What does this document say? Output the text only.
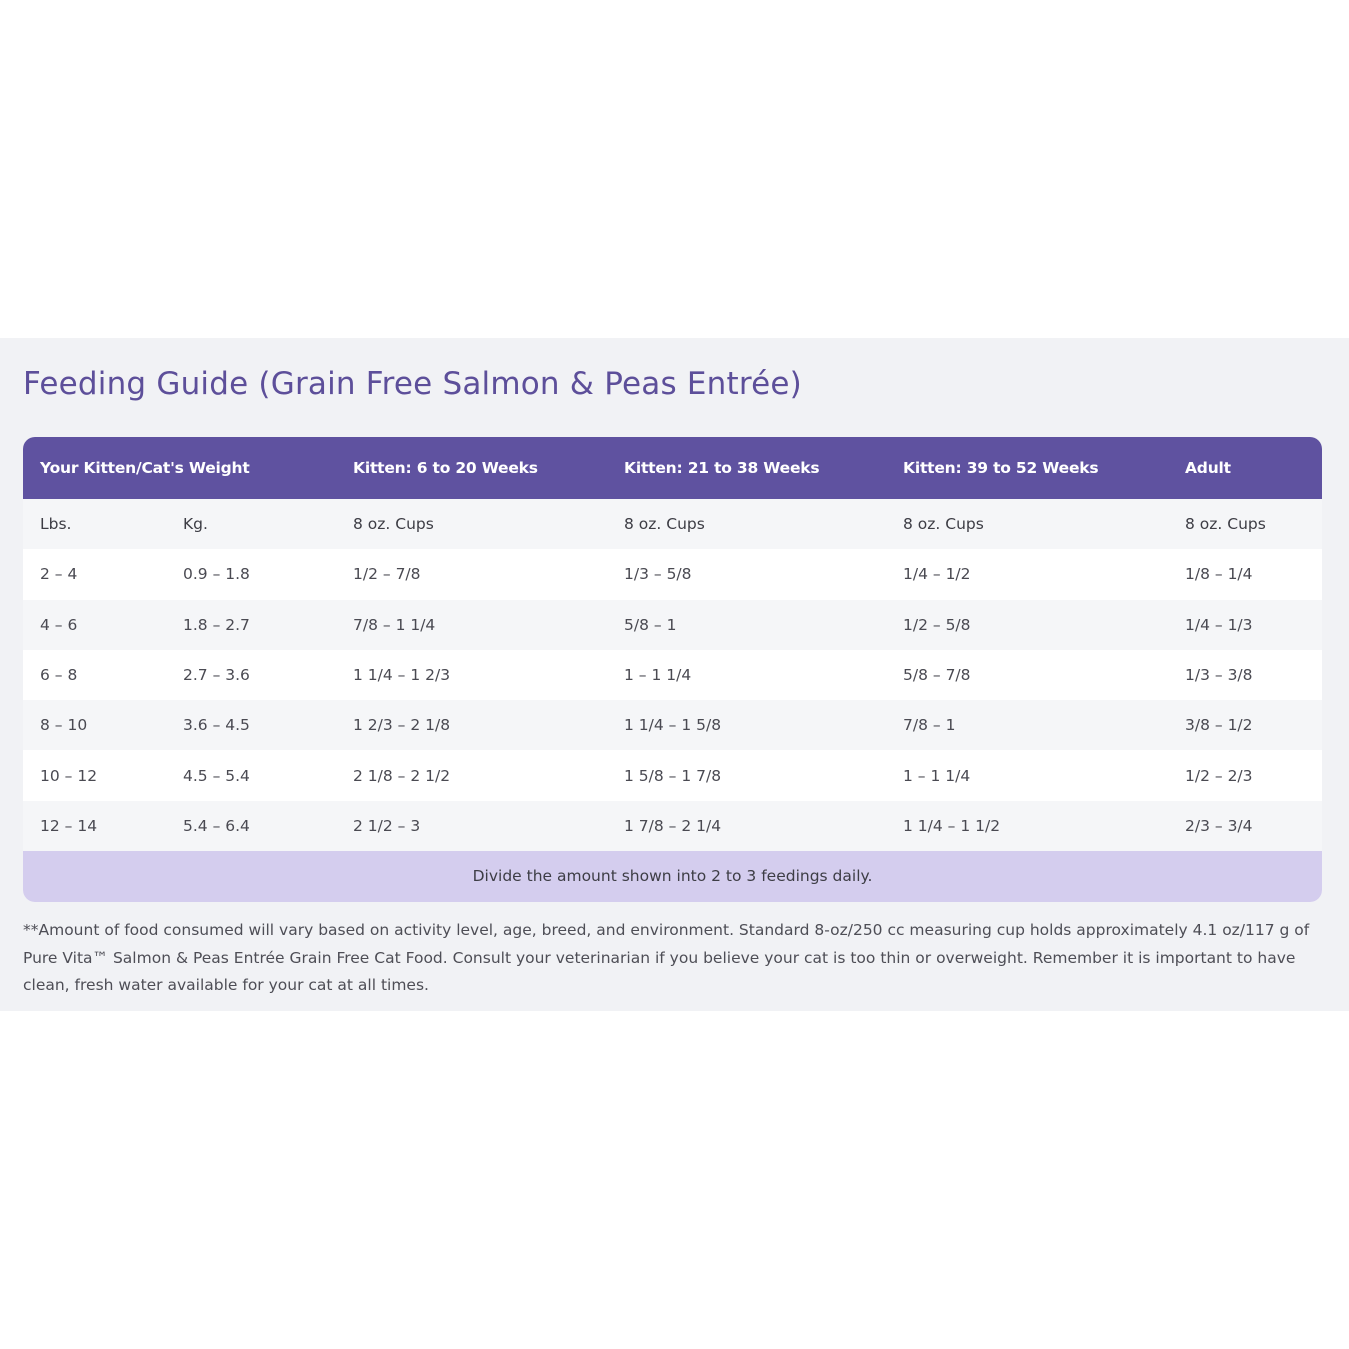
Feeding Guide (Grain Free Salmon & Peas Entrée)
Your Kitten/Cat's Weight		Kitten: 6 to 20 Weeks	Kitten: 21 to 38 Weeks	Kitten: 39 to 52 Weeks	Adult
Lbs.	Kg.	8 oz. Cups	8 oz. Cups	8 oz. Cups	8 oz. Cups
2 – 4	0.9 – 1.8	1/2 – 7/8	1/3 – 5/8	1/4 – 1/2	1/8 – 1/4
4 – 6	1.8 – 2.7	7/8 – 1 1/4	5/8 – 1	1/2 – 5/8	1/4 – 1/3
6 – 8	2.7 – 3.6	1 1/4 – 1 2/3	1 – 1 1/4	5/8 – 7/8	1/3 – 3/8
8 – 10	3.6 – 4.5	1 2/3 – 2 1/8	1 1/4 – 1 5/8	7/8 – 1	3/8 – 1/2
10 – 12	4.5 – 5.4	2 1/8 – 2 1/2	1 5/8 – 1 7/8	1 – 1 1/4	1/2 – 2/3
12 – 14	5.4 – 6.4	2 1/2 – 3	1 7/8 – 2 1/4	1 1/4 – 1 1/2	2/3 – 3/4
Divide the amount shown into 2 to 3 feedings daily.

**Amount of food consumed will vary based on activity level, age, breed, and environment. Standard 8-oz/250 cc measuring cup holds approximately 4.1 oz/117 g of Pure Vita™ Salmon & Peas Entrée Grain Free Cat Food. Consult your veterinarian if you believe your cat is too thin or overweight. Remember it is important to have clean, fresh water available for your cat at all times.
